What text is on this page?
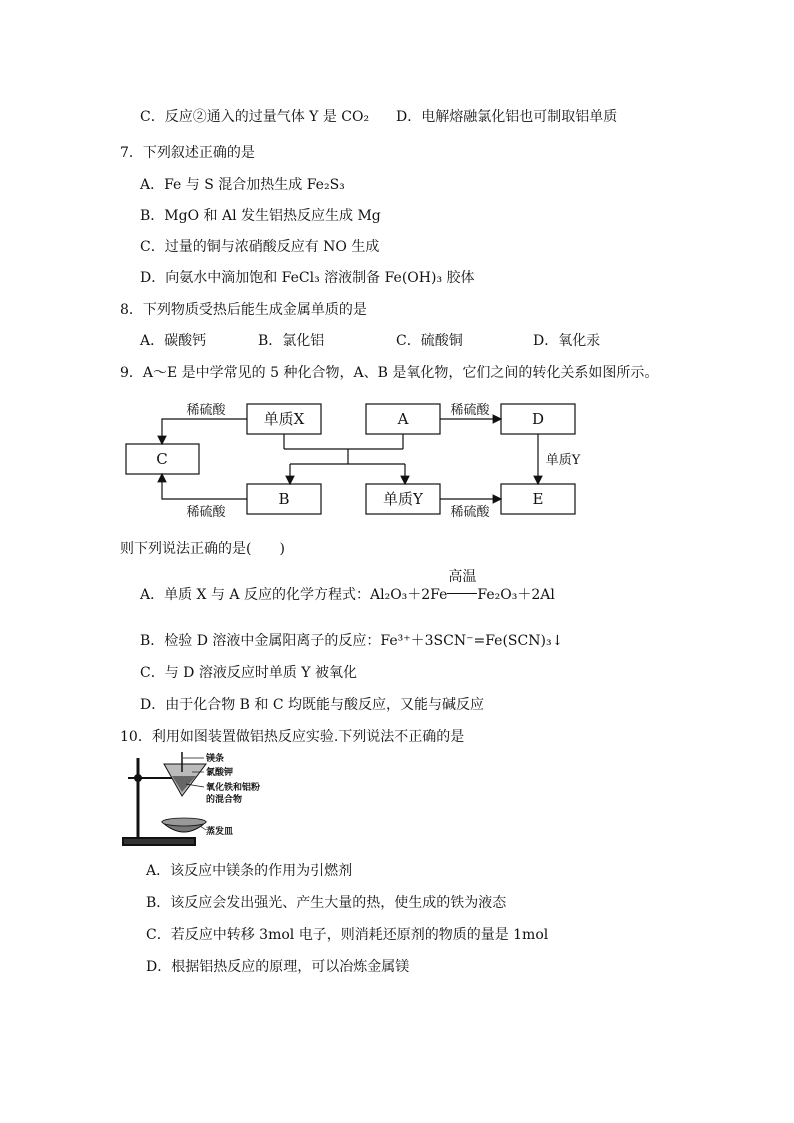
C．反应②通入的过量气体 Y 是 CO₂ D．电解熔融氯化铝也可制取铝单质
7．下列叙述正确的是
A．Fe 与 S 混合加热生成 Fe₂S₃
B．MgO 和 Al 发生铝热反应生成 Mg
C．过量的铜与浓硝酸反应有 NO 生成
D．向氨水中滴加饱和 FeCl₃ 溶液制备 Fe(OH)₃ 胶体
8．下列物质受热后能生成金属单质的是
A．碳酸钙	B．氯化铝	C．硫酸铜	D．氧化汞
9．A～E 是中学常见的 5 种化合物，A、B 是氧化物，它们之间的转化关系如图所示。
单质X	A	D
C
B	单质Y	E
稀硫酸
稀硫酸
稀硫酸
稀硫酸
单质Y
则下列说法正确的是(　　)
A．单质 X 与 A 反应的化学方程式：Al₂O₃＋2Fe
高温
Fe₂O₃＋2Al
B．检验 D 溶液中金属阳离子的反应：Fe³⁺＋3SCN⁻=Fe(SCN)₃↓
C．与 D 溶液反应时单质 Y 被氧化
D．由于化合物 B 和 C 均既能与酸反应，又能与碱反应
10．利用如图装置做铝热反应实验.下列说法不正确的是
镁条
氯酸钾
氧化铁和铝粉
的混合物
蒸发皿
A．该反应中镁条的作用为引燃剂
B．该反应会发出强光、产生大量的热，使生成的铁为液态
C．若反应中转移 3mol 电子，则消耗还原剂的物质的量是 1mol
D．根据铝热反应的原理，可以冶炼金属镁
